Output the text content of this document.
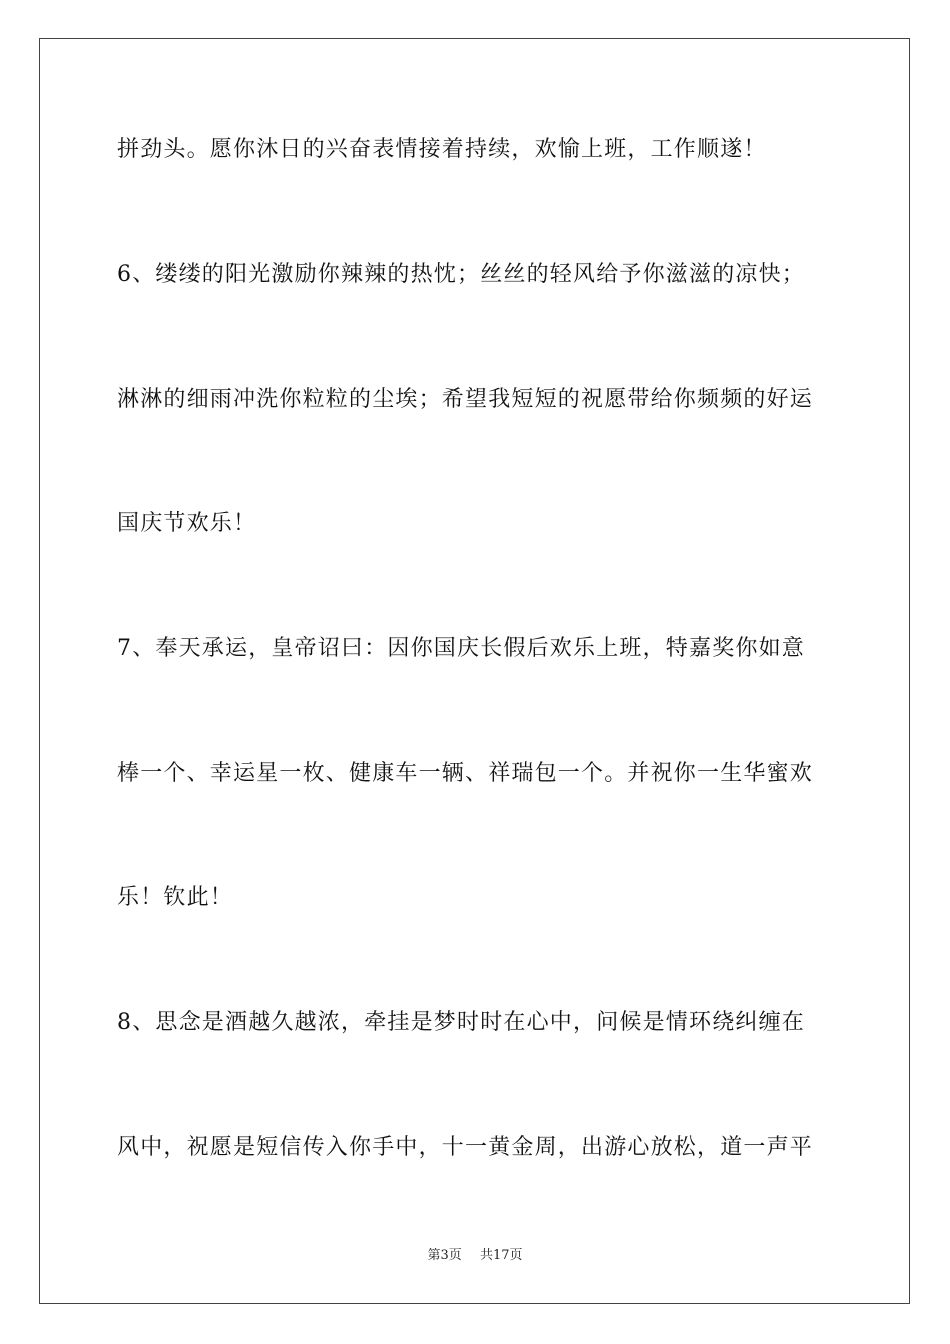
拼劲头。愿你沐日的兴奋表情接着持续，欢愉上班，工作顺遂！
6、缕缕的阳光激励你辣辣的热忱；丝丝的轻风给予你滋滋的凉快；
淋淋的细雨冲洗你粒粒的尘埃；希望我短短的祝愿带给你频频的好运
国庆节欢乐！
7、奉天承运，皇帝诏曰：因你国庆长假后欢乐上班，特嘉奖你如意
棒一个、幸运星一枚、健康车一辆、祥瑞包一个。并祝你一生华蜜欢
乐！钦此！
8、思念是酒越久越浓，牵挂是梦时时在心中，问候是情环绕纠缠在
风中，祝愿是短信传入你手中，十一黄金周，出游心放松，道一声平
第3页 共17页
